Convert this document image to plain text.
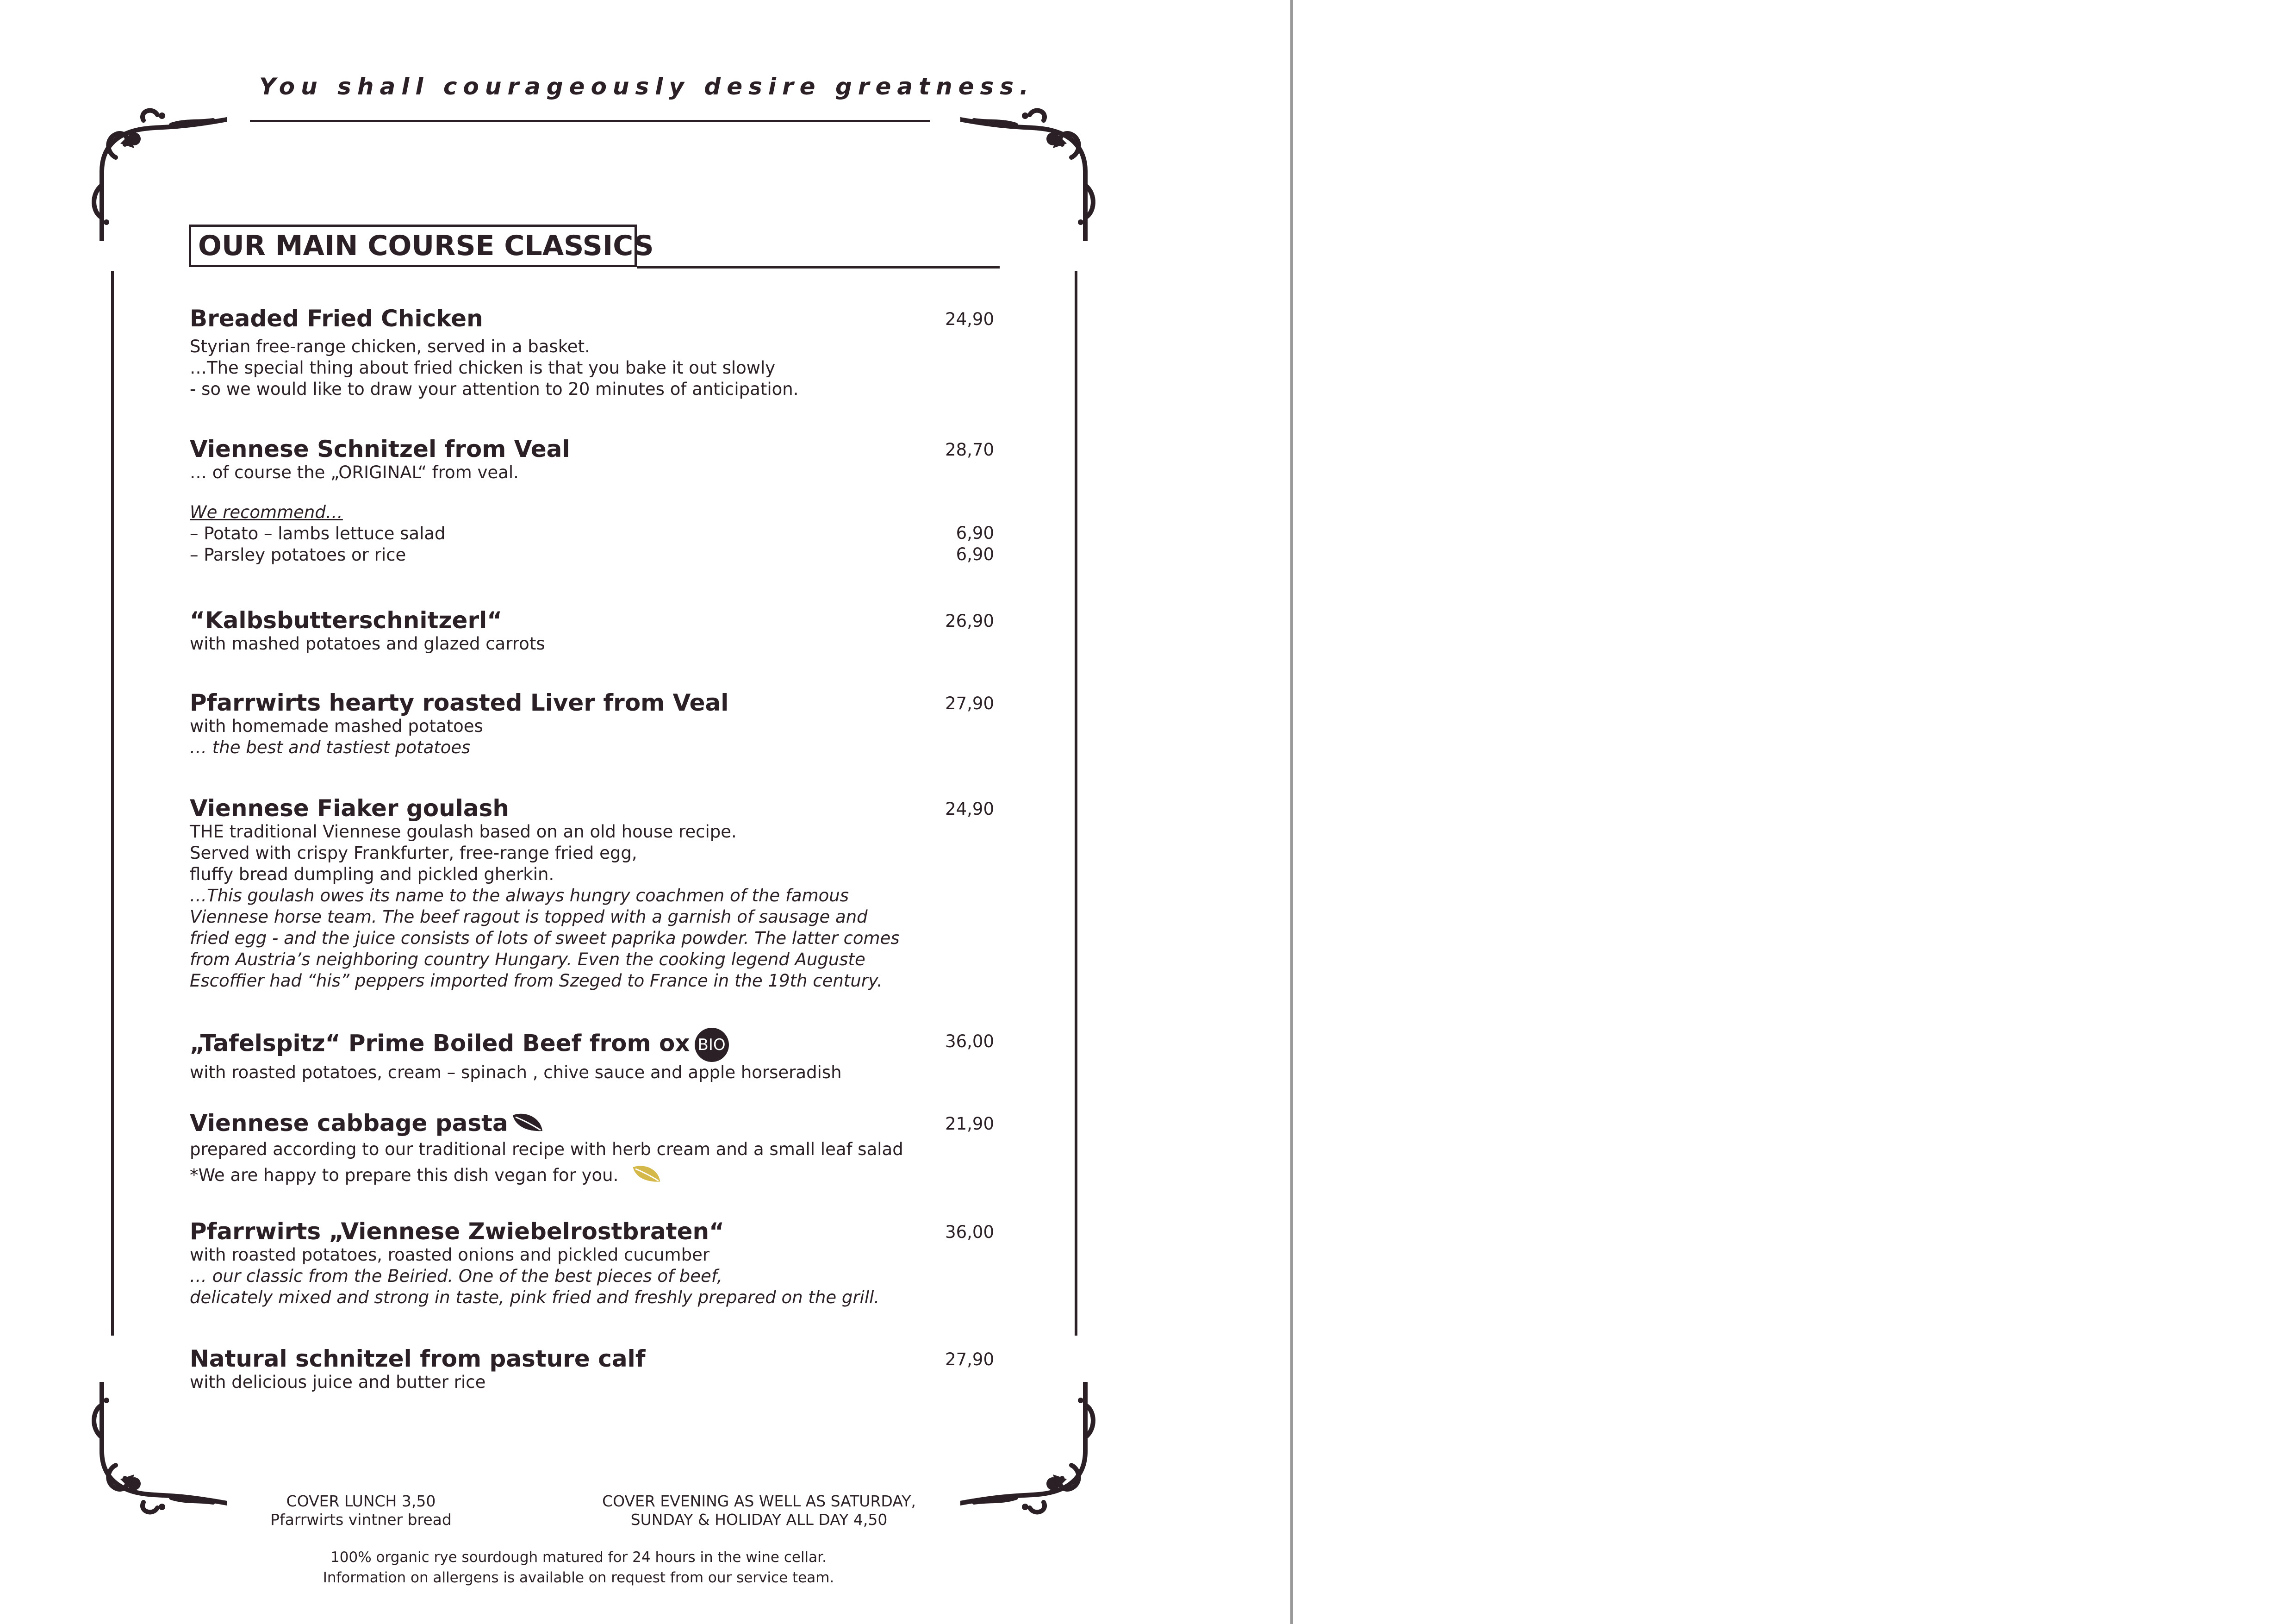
You shall courageously desire greatness.
OUR MAIN COURSE CLASSICS
Breaded Fried Chicken	24,90
Styrian free-range chicken, served in a basket.
…The special thing about fried chicken is that you bake it out slowly
- so we would like to draw your attention to 20 minutes of anticipation.
Viennese Schnitzel from Veal	28,70
… of course the „ORIGINAL“ from veal.
We recommend…
– Potato – lambs lettuce salad	6,90
– Parsley potatoes or rice	6,90
“Kalbsbutterschnitzerl“	26,90
with mashed potatoes and glazed carrots
Pfarrwirts hearty roasted Liver from Veal	27,90
with homemade mashed potatoes
… the best and tastiest potatoes
Viennese Fiaker goulash	24,90
THE traditional Viennese goulash based on an old house recipe.
Served with crispy Frankfurter, free-range fried egg,
fluffy bread dumpling and pickled gherkin.
…This goulash owes its name to the always hungry coachmen of the famous
Viennese horse team. The beef ragout is topped with a garnish of sausage and
fried egg - and the juice consists of lots of sweet paprika powder. The latter comes
from Austria’s neighboring country Hungary. Even the cooking legend Auguste
Escoffier had “his” peppers imported from Szeged to France in the 19th century.
„Tafelspitz“ Prime Boiled Beef from ox BIO	36,00
with roasted potatoes, cream – spinach , chive sauce and apple horseradish
Viennese cabbage pasta	21,90
prepared according to our traditional recipe with herb cream and a small leaf salad
*We are happy to prepare this dish vegan for you.
Pfarrwirts „Viennese Zwiebelrostbraten“	36,00
with roasted potatoes, roasted onions and pickled cucumber
… our classic from the Beiried. One of the best pieces of beef,
delicately mixed and strong in taste, pink fried and freshly prepared on the grill.
Natural schnitzel from pasture calf	27,90
with delicious juice and butter rice
COVER LUNCH 3,50
Pfarrwirts vintner bread
COVER EVENING AS WELL AS SATURDAY,
SUNDAY & HOLIDAY ALL DAY 4,50
100% organic rye sourdough matured for 24 hours in the wine cellar.
Information on allergens is available on request from our service team.
